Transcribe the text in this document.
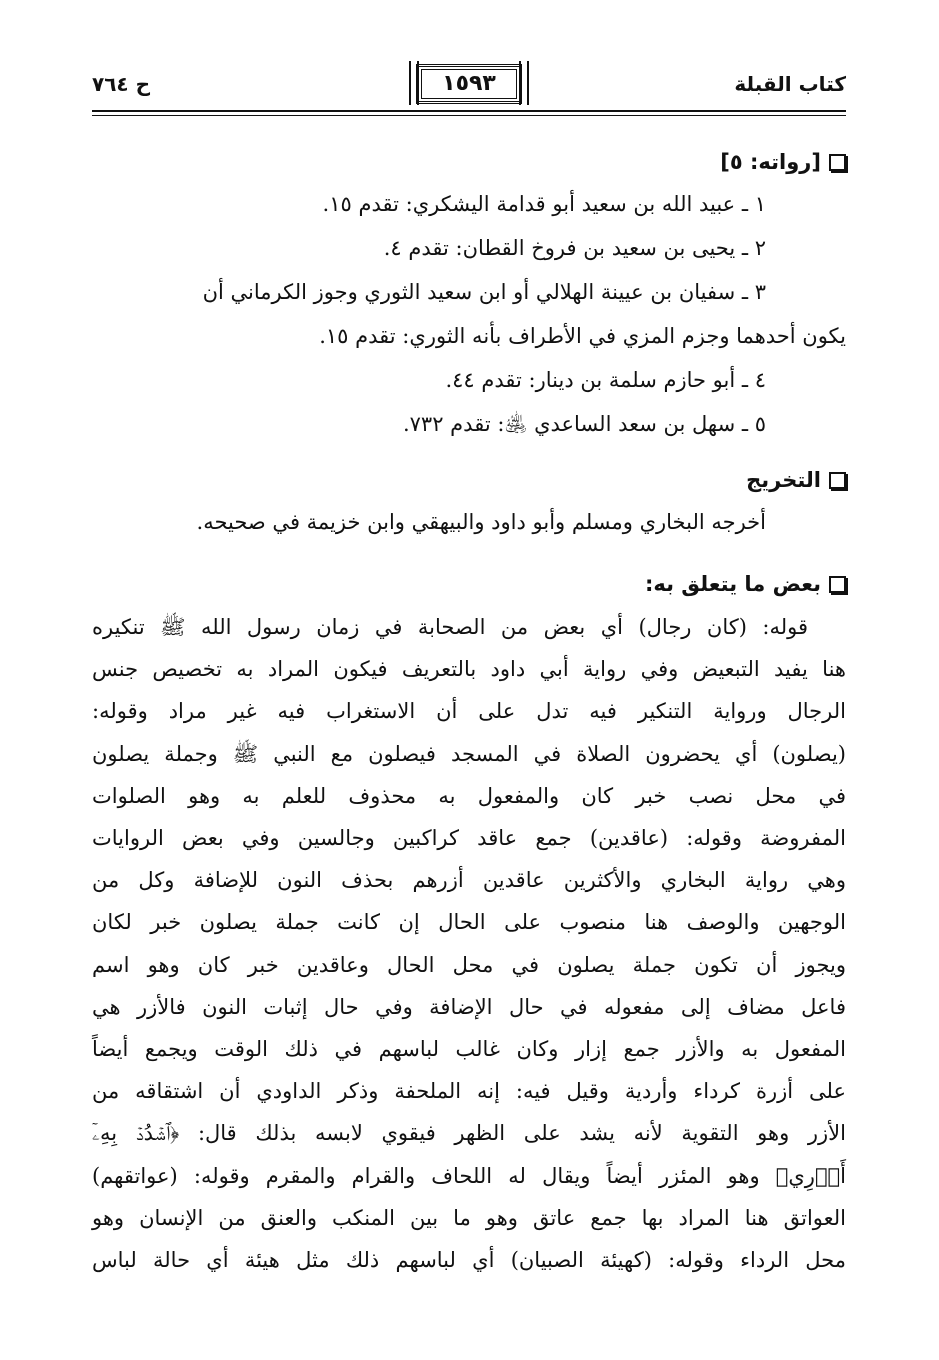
كتاب القبلة
١٥٩٣
ح ٧٦٤
[رواته: ٥]
١ ـ عبيد الله بن سعيد أبو قدامة اليشكري: تقدم ١٥.
٢ ـ يحيى بن سعيد بن فروخ القطان: تقدم ٤.
٣ ـ سفيان بن عيينة الهلالي أو ابن سعيد الثوري وجوز الكرماني أن
يكون أحدهما وجزم المزي في الأطراف بأنه الثوري: تقدم ١٥.
٤ ـ أبو حازم سلمة بن دينار: تقدم ٤٤.
٥ ـ سهل بن سعد الساعدي ﵁: تقدم ٧٣٢.
التخريج
أخرجه البخاري ومسلم وأبو داود والبيهقي وابن خزيمة في صحيحه.
بعض ما يتعلق به:
قوله: (كان رجال) أي بعض من الصحابة في زمان رسول الله ﷺ تنكيره
هنا يفيد التبعيض وفي رواية أبي داود بالتعريف فيكون المراد به تخصيص جنس
الرجال ورواية التنكير فيه تدل على أن الاستغراب فيه غير مراد وقوله:
(يصلون) أي يحضرون الصلاة في المسجد فيصلون مع النبي ﷺ وجملة يصلون
في محل نصب خبر كان والمفعول به محذوف للعلم به وهو الصلوات
المفروضة وقوله: (عاقدين) جمع عاقد كراكبين وجالسين وفي بعض الروايات
وهي رواية البخاري والأكثرين عاقدين أزرهم بحذف النون للإضافة وكل من
الوجهين والوصف هنا منصوب على الحال إن كانت جملة يصلون خبر لكان
ويجوز أن تكون جملة يصلون في محل الحال وعاقدين خبر كان وهو اسم
فاعل مضاف إلى مفعوله في حال الإضافة وفي حال إثبات النون فالأزر هي
المفعول به والأزر جمع إزار وكان غالب لباسهم في ذلك الوقت ويجمع أيضاً
على أزرة كرداء وأردية وقيل فيه: إنه الملحفة وذكر الداودي أن اشتقاقه من
الأزر وهو التقوية لأنه يشد على الظهر فيقوي لابسه بذلك قال: ﴿ٱشۡدُدۡ بِهِۦٓ
أَزۡرِي﴾ وهو المئزر أيضاً ويقال له اللحاف والقرام والمقرم وقوله: (عواتقهم)
العواتق هنا المراد بها جمع عاتق وهو ما بين المنكب والعنق من الإنسان وهو
محل الرداء وقوله: (كهيئة الصبيان) أي لباسهم ذلك مثل هيئة أي حالة لباس
